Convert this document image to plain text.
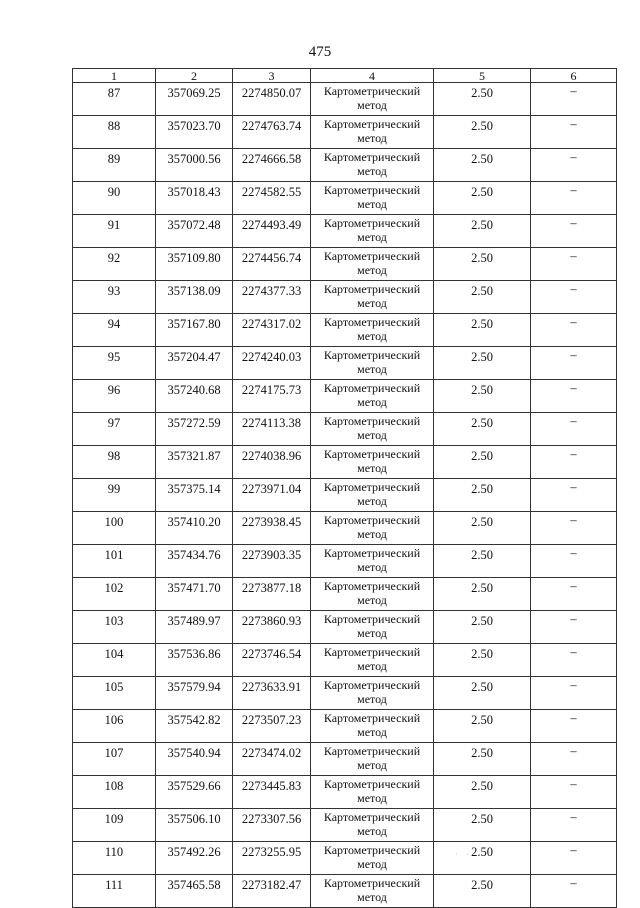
475
1	2	3	4	5	6
87	357069.25	2274850.07	Картометрический метод	2.50	–
88	357023.70	2274763.74	Картометрический метод	2.50	–
89	357000.56	2274666.58	Картометрический метод	2.50	–
90	357018.43	2274582.55	Картометрический метод	2.50	–
91	357072.48	2274493.49	Картометрический метод	2.50	–
92	357109.80	2274456.74	Картометрический метод	2.50	–
93	357138.09	2274377.33	Картометрический метод	2.50	–
94	357167.80	2274317.02	Картометрический метод	2.50	–
95	357204.47	2274240.03	Картометрический метод	2.50	–
96	357240.68	2274175.73	Картометрический метод	2.50	–
97	357272.59	2274113.38	Картометрический метод	2.50	–
98	357321.87	2274038.96	Картометрический метод	2.50	–
99	357375.14	2273971.04	Картометрический метод	2.50	–
100	357410.20	2273938.45	Картометрический метод	2.50	–
101	357434.76	2273903.35	Картометрический метод	2.50	–
102	357471.70	2273877.18	Картометрический метод	2.50	–
103	357489.97	2273860.93	Картометрический метод	2.50	–
104	357536.86	2273746.54	Картометрический метод	2.50	–
105	357579.94	2273633.91	Картометрический метод	2.50	–
106	357542.82	2273507.23	Картометрический метод	2.50	–
107	357540.94	2273474.02	Картометрический метод	2.50	–
108	357529.66	2273445.83	Картометрический метод	2.50	–
109	357506.10	2273307.56	Картометрический метод	2.50	–
110	357492.26	2273255.95	Картометрический метод	2.50	–
111	357465.58	2273182.47	Картометрический метод	2.50	–
· ·
